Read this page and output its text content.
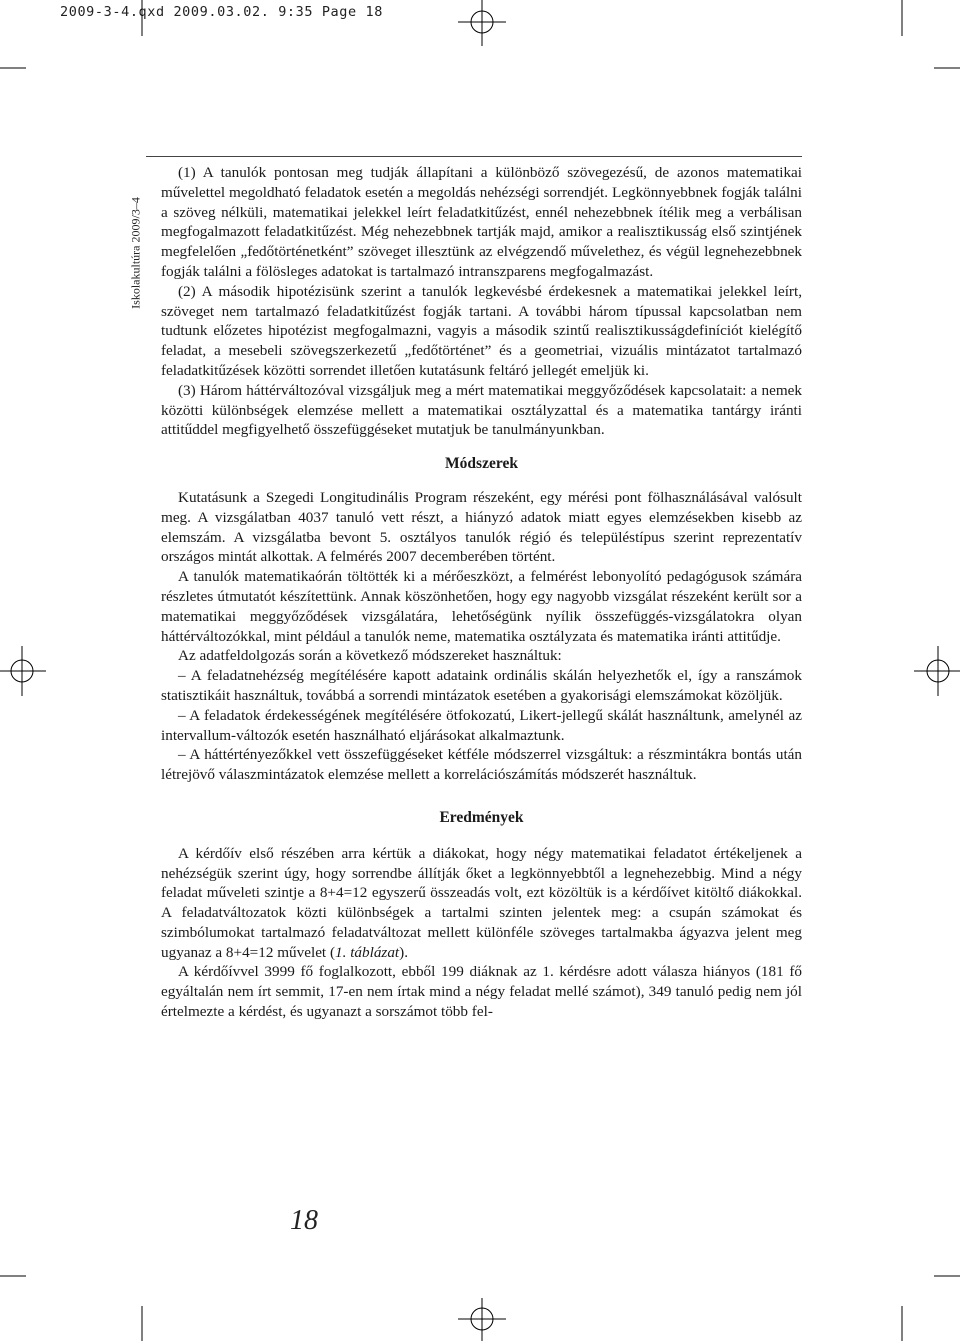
2009-3-4.qxd 2009.03.02. 9:35 Page 18
Iskolakultúra 2009/3–4

(1) A tanulók pontosan meg tudják állapítani a különböző szövegezésű, de azonos matematikai művelettel megoldható feladatok esetén a megoldás nehézségi sorrendjét. Legkönnyebbnek fogják találni a szöveg nélküli, matematikai jelekkel leírt feladatkitűzést, ennél nehezebbnek ítélik meg a verbálisan megfogalmazott feladatkitűzést. Még nehezebbnek tartják majd, amikor a realisztikusság első szintjének megfelelően „fedőtörténetként” szöveget illesztünk az elvégzendő művelethez, és végül legnehezebbnek fogják találni a fölösleges adatokat is tartalmazó intranszparens megfogalmazást.

(2) A második hipotézisünk szerint a tanulók legkevésbé érdekesnek a matematikai jelekkel leírt, szöveget nem tartalmazó feladatkitűzést fogják tartani. A további három típussal kapcsolatban nem tudtunk előzetes hipotézist megfogalmazni, vagyis a második szintű realisztikusságdefiníciót kielégítő feladat, a mesebeli szövegszerkezetű „fedőtörténet” és a geometriai, vizuális mintázatot tartalmazó feladatkitűzések közötti sorrendet illetően kutatásunk feltáró jellegét emeljük ki.

(3) Három háttérváltozóval vizsgáljuk meg a mért matematikai meggyőződések kapcsolatait: a nemek közötti különbségek elemzése mellett a matematikai osztályzattal és a matematika tantárgy iránti attitűddel megfigyelhető összefüggéseket mutatjuk be tanulmányunkban.

Módszerek

Kutatásunk a Szegedi Longitudinális Program részeként, egy mérési pont fölhasználásával valósult meg. A vizsgálatban 4037 tanuló vett részt, a hiányzó adatok miatt egyes elemzésekben kisebb az elemszám. A vizsgálatba bevont 5. osztályos tanulók régió és településtípus szerint reprezentatív országos mintát alkottak. A felmérés 2007 decemberében történt.

A tanulók matematikaórán töltötték ki a mérőeszközt, a felmérést lebonyolító pedagógusok számára részletes útmutatót készítettünk. Annak köszönhetően, hogy egy nagyobb vizsgálat részeként került sor a matematikai meggyőződések vizsgálatára, lehetőségünk nyílik összefüggés-vizsgálatokra olyan háttérváltozókkal, mint például a tanulók neme, matematika osztályzata és matematika iránti attitűdje.

Az adatfeldolgozás során a következő módszereket használtuk:

– A feladatnehézség megítélésére kapott adataink ordinális skálán helyezhetők el, így a ranszámok statisztikáit használtuk, továbbá a sorrendi mintázatok esetében a gyakorisági elemszámokat közöljük.

– A feladatok érdekességének megítélésére ötfokozatú, Likert-jellegű skálát használtunk, amelynél az intervallum-változók esetén használható eljárásokat alkalmaztunk.

– A háttértényezőkkel vett összefüggéseket kétféle módszerrel vizsgáltuk: a részmintákra bontás után létrejövő válaszmintázatok elemzése mellett a korrelációszámítás módszerét használtuk.

Eredmények

A kérdőív első részében arra kértük a diákokat, hogy négy matematikai feladatot értékeljenek a nehézségük szerint úgy, hogy sorrendbe állítják őket a legkönnyebbtől a legnehezebbig. Mind a négy feladat műveleti szintje a 8+4=12 egyszerű összeadás volt, ezt közöltük is a kérdőívet kitöltő diákokkal. A feladatváltozatok közti különbségek a tartalmi szinten jelentek meg: a csupán számokat és szimbólumokat tartalmazó feladatváltozat mellett különféle szöveges tartalmakba ágyazva jelent meg ugyanaz a 8+4=12 művelet (1. táblázat).

A kérdőívvel 3999 fő foglalkozott, ebből 199 diáknak az 1. kérdésre adott válasza hiányos (181 fő egyáltalán nem írt semmit, 17-en nem írtak mind a négy feladat mellé számot), 349 tanuló pedig nem jól értelmezte a kérdést, és ugyanazt a sorszámot több fel-

18
